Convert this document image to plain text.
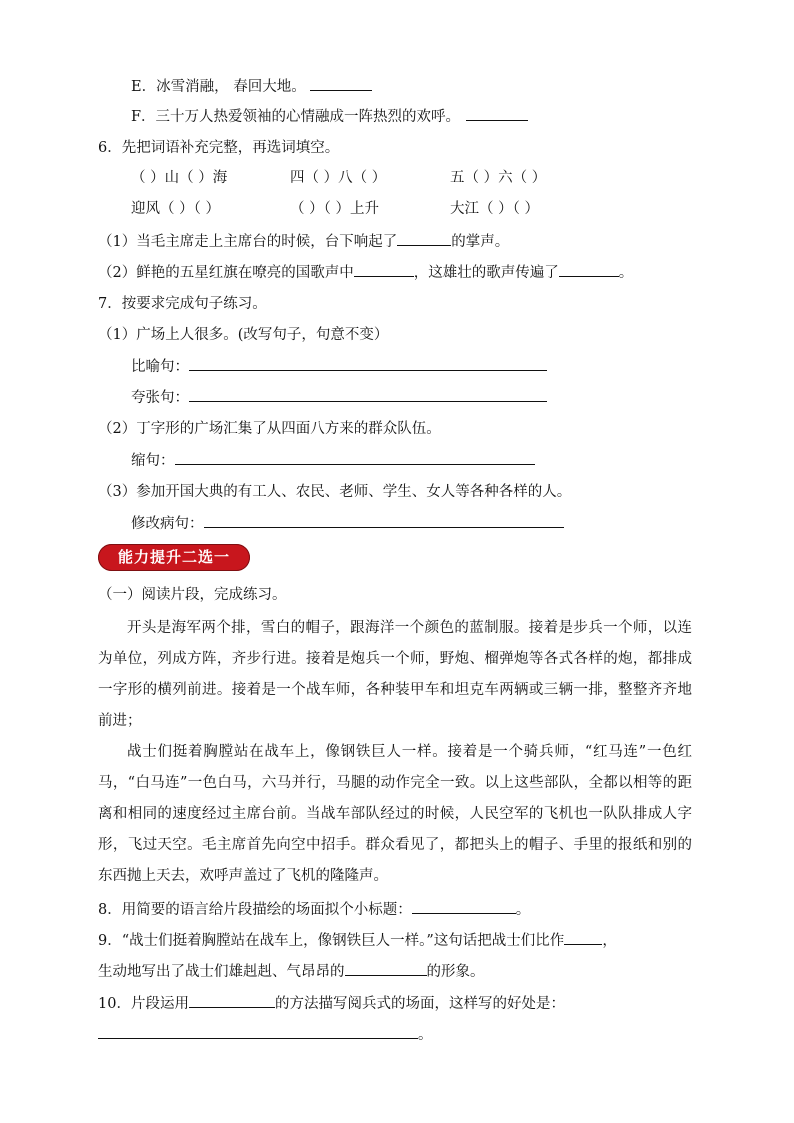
E．冰雪消融， 春回大地。
F．三十万人热爱领袖的心情融成一阵热烈的欢呼。
6．先把词语补充完整，再选词填空。
（ ）山（ ）海	四（ ）八（ ）	五（ ）六（ ）
迎风（ ）（ ）	（ ）（ ）上升	大江（ ）（ ）
（1）当毛主席走上主席台的时候，台下响起了	的掌声。
（2）鲜艳的五星红旗在嘹亮的国歌声中	，这雄壮的歌声传遍了	。
7．按要求完成句子练习。
（1）广场上人很多。(改写句子，句意不变）
比喻句：
夸张句：
（2）丁字形的广场汇集了从四面八方来的群众队伍。
缩句：
（3）参加开国大典的有工人、农民、老师、学生、女人等各种各样的人。
修改病句：
能力提升二选一
（一）阅读片段，完成练习。
开头是海军两个排，雪白的帽子，跟海洋一个颜色的蓝制服。接着是步兵一个师，以连为单位，列成方阵，齐步行进。接着是炮兵一个师，野炮、榴弹炮等各式各样的炮，都排成一字形的横列前进。接着是一个战车师，各种装甲车和坦克车两辆或三辆一排，整整齐齐地前进；
战士们挺着胸膛站在战车上，像钢铁巨人一样。接着是一个骑兵师，“红马连”一色红马，“白马连”一色白马，六马并行，马腿的动作完全一致。以上这些部队，全都以相等的距离和相同的速度经过主席台前。当战车部队经过的时候，人民空军的飞机也一队队排成人字形，飞过天空。毛主席首先向空中招手。群众看见了，都把头上的帽子、手里的报纸和别的东西抛上天去，欢呼声盖过了飞机的隆隆声。
8．用简要的语言给片段描绘的场面拟个小标题：	。
9．“战士们挺着胸膛站在战车上，像钢铁巨人一样。”这句话把战士们比作	，
生动地写出了战士们雄赳赳、气昂昂的	的形象。
10．片段运用	的方法描写阅兵式的场面，这样写的好处是：
。
